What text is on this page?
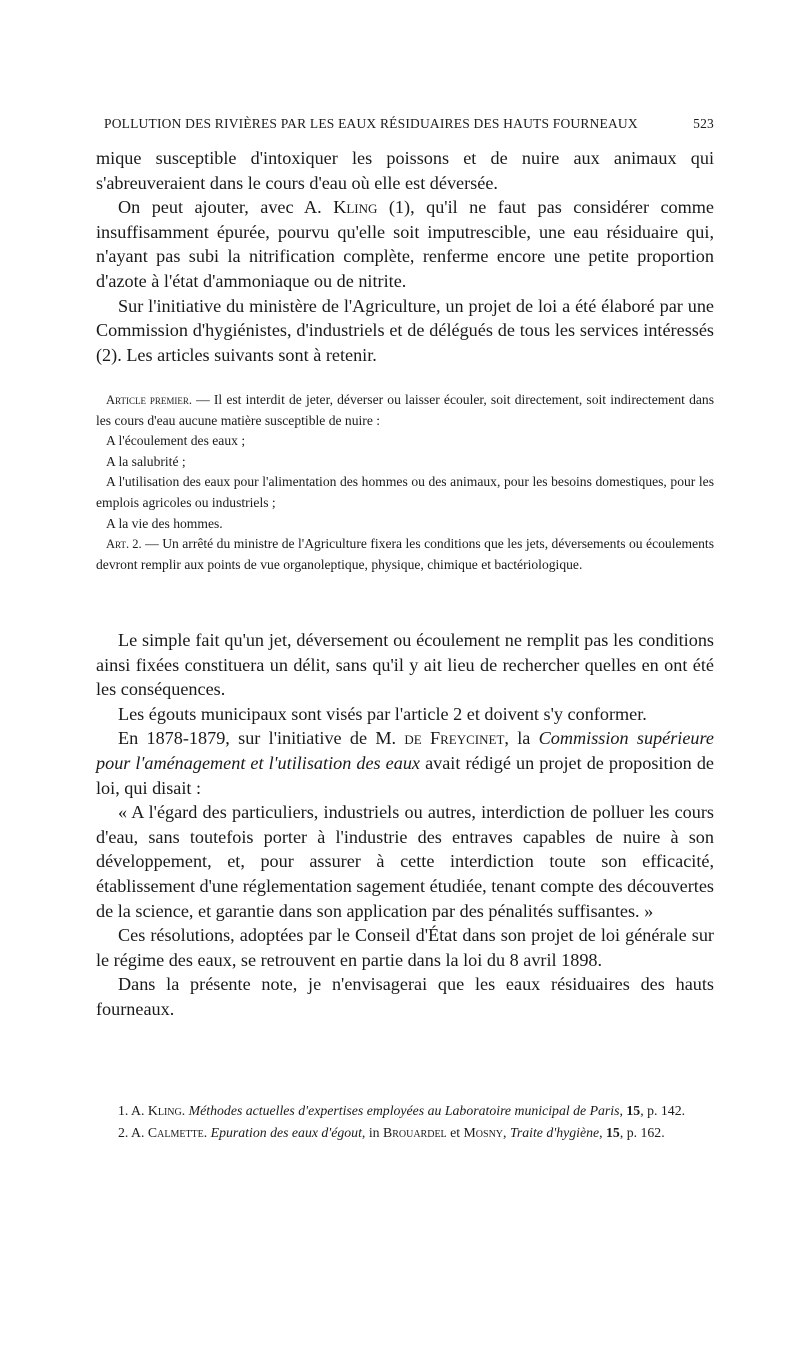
POLLUTION DES RIVIÈRES PAR LES EAUX RÉSIDUAIRES DES HAUTS FOURNEAUX	523

mique susceptible d'intoxiquer les poissons et de nuire aux animaux qui s'abreuveraient dans le cours d'eau où elle est déversée.

On peut ajouter, avec A. Kling (1), qu'il ne faut pas considérer comme insuffisamment épurée, pourvu qu'elle soit imputrescible, une eau résiduaire qui, n'ayant pas subi la nitrification complète, renferme encore une petite proportion d'azote à l'état d'ammoniaque ou de nitrite.

Sur l'initiative du ministère de l'Agriculture, un projet de loi a été élaboré par une Commission d'hygiénistes, d'industriels et de délégués de tous les services intéressés (2). Les articles suivants sont à retenir.

Article premier. — Il est interdit de jeter, déverser ou laisser écouler, soit directement, soit indirectement dans les cours d'eau aucune matière susceptible de nuire :

A l'écoulement des eaux ;

A la salubrité ;

A l'utilisation des eaux pour l'alimentation des hommes ou des animaux, pour les besoins domestiques, pour les emplois agricoles ou industriels ;

A la vie des hommes.

Art. 2. — Un arrêté du ministre de l'Agriculture fixera les conditions que les jets, déversements ou écoulements devront remplir aux points de vue organoleptique, physique, chimique et bactériologique.

Le simple fait qu'un jet, déversement ou écoulement ne remplit pas les conditions ainsi fixées constituera un délit, sans qu'il y ait lieu de rechercher quelles en ont été les conséquences.

Les égouts municipaux sont visés par l'article 2 et doivent s'y conformer.

En 1878-1879, sur l'initiative de M. de Freycinet, la Commission supérieure pour l'aménagement et l'utilisation des eaux avait rédigé un projet de proposition de loi, qui disait :

« A l'égard des particuliers, industriels ou autres, interdiction de polluer les cours d'eau, sans toutefois porter à l'industrie des entraves capables de nuire à son développement, et, pour assurer à cette interdiction toute son efficacité, établissement d'une réglementation sagement étudiée, tenant compte des découvertes de la science, et garantie dans son application par des pénalités suffisantes. »

Ces résolutions, adoptées par le Conseil d'État dans son projet de loi générale sur le régime des eaux, se retrouvent en partie dans la loi du 8 avril 1898.

Dans la présente note, je n'envisagerai que les eaux résiduaires des hauts fourneaux.

1. A. Kling. Méthodes actuelles d'expertises employées au Laboratoire municipal de Paris, 15, p. 142.

2. A. Calmette. Epuration des eaux d'égout, in Brouardel et Mosny, Traite d'hygiène, 15, p. 162.
